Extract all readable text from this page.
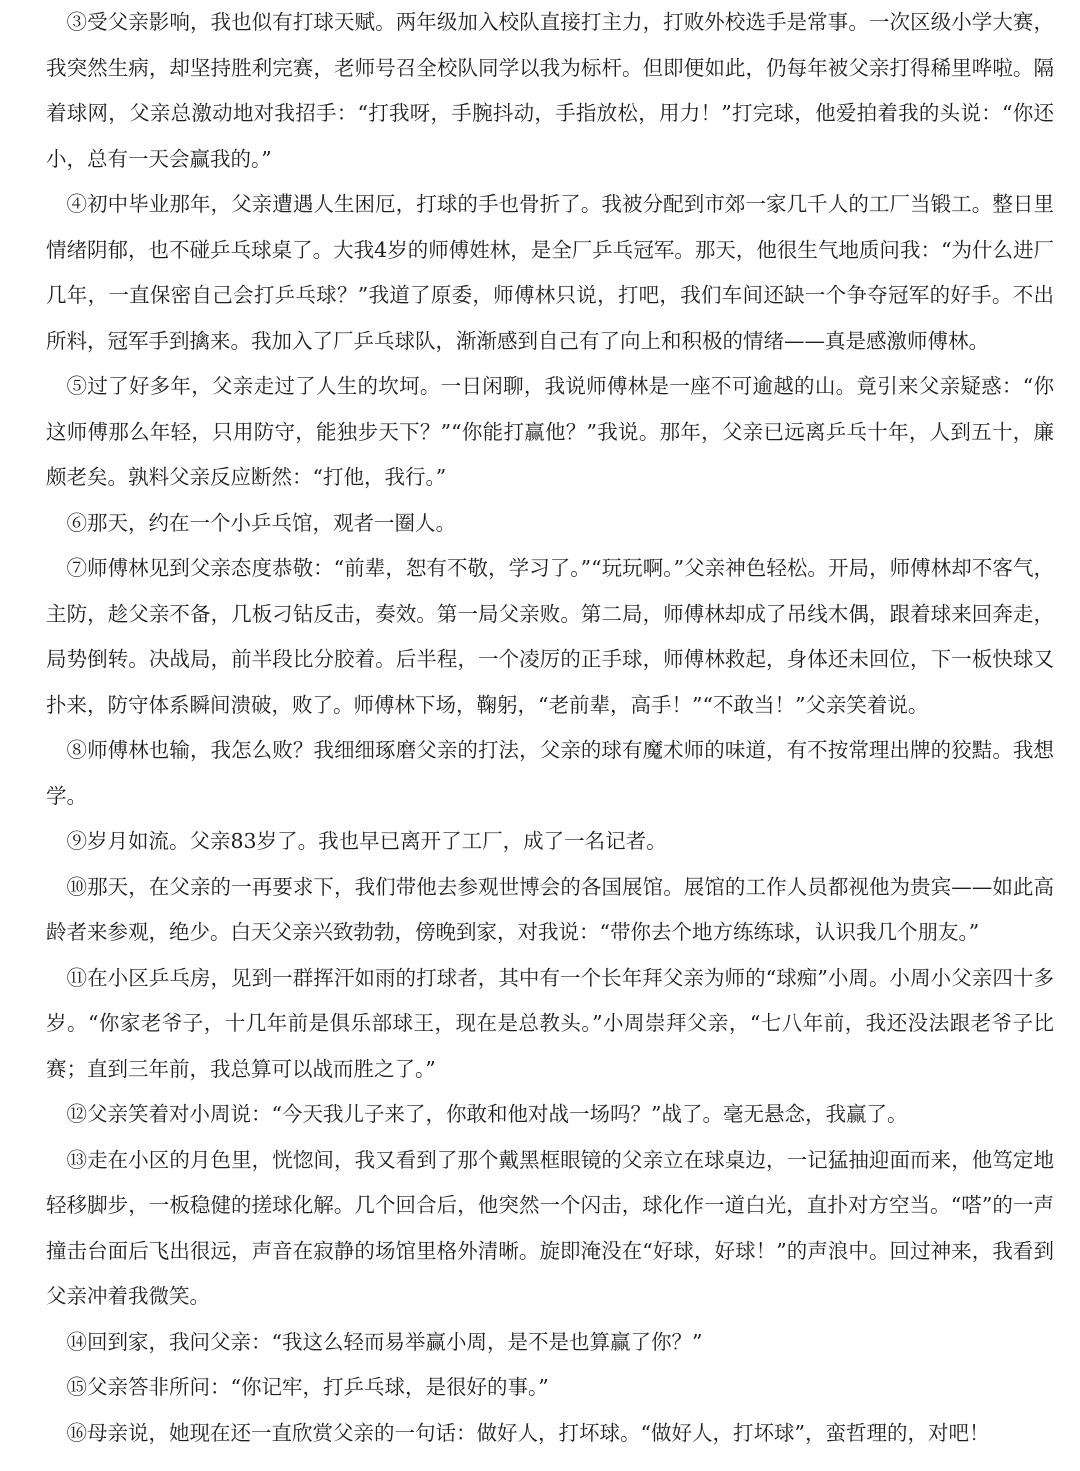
③受父亲影响，我也似有打球天赋。两年级加入校队直接打主力，打败外校选手是常事。一次区级小学大赛，我突然生病，却坚持胜利完赛，老师号召全校队同学以我为标杆。但即便如此，仍每年被父亲打得稀里哗啦。隔着球网，父亲总激动地对我招手：“打我呀，手腕抖动，手指放松，用力！”打完球，他爱拍着我的头说：“你还小，总有一天会赢我的。”

④初中毕业那年，父亲遭遇人生困厄，打球的手也骨折了。我被分配到市郊一家几千人的工厂当锻工。整日里情绪阴郁，也不碰乒乓球桌了。大我4岁的师傅姓林，是全厂乒乓冠军。那天，他很生气地质问我：“为什么进厂几年，一直保密自己会打乒乓球？”我道了原委，师傅林只说，打吧，我们车间还缺一个争夺冠军的好手。不出所料，冠军手到擒来。我加入了厂乒乓球队，渐渐感到自己有了向上和积极的情绪——真是感激师傅林。

⑤过了好多年，父亲走过了人生的坎坷。一日闲聊，我说师傅林是一座不可逾越的山。竟引来父亲疑惑：“你这师傅那么年轻，只用防守，能独步天下？”“你能打赢他？”我说。那年，父亲已远离乒乓十年，人到五十，廉颇老矣。孰料父亲反应断然：“打他，我行。”

⑥那天，约在一个小乒乓馆，观者一圈人。

⑦师傅林见到父亲态度恭敬：“前辈，恕有不敬，学习了。”“玩玩啊。”父亲神色轻松。开局，师傅林却不客气，主防，趁父亲不备，几板刁钻反击，奏效。第一局父亲败。第二局，师傅林却成了吊线木偶，跟着球来回奔走，局势倒转。决战局，前半段比分胶着。后半程，一个凌厉的正手球，师傅林救起，身体还未回位，下一板快球又扑来，防守体系瞬间溃破，败了。师傅林下场，鞠躬，“老前辈，高手！”“不敢当！”父亲笑着说。

⑧师傅林也输，我怎么败？我细细琢磨父亲的打法，父亲的球有魔术师的味道，有不按常理出牌的狡黠。我想学。

⑨岁月如流。父亲83岁了。我也早已离开了工厂，成了一名记者。

⑩那天，在父亲的一再要求下，我们带他去参观世博会的各国展馆。展馆的工作人员都视他为贵宾——如此高龄者来参观，绝少。白天父亲兴致勃勃，傍晚到家，对我说：“带你去个地方练练球，认识我几个朋友。”

⑪在小区乒乓房，见到一群挥汗如雨的打球者，其中有一个长年拜父亲为师的“球痴”小周。小周小父亲四十多岁。“你家老爷子，十几年前是俱乐部球王，现在是总教头。”小周崇拜父亲，“七八年前，我还没法跟老爷子比赛；直到三年前，我总算可以战而胜之了。”

⑫父亲笑着对小周说：“今天我儿子来了，你敢和他对战一场吗？”战了。毫无悬念，我赢了。

⑬走在小区的月色里，恍惚间，我又看到了那个戴黑框眼镜的父亲立在球桌边，一记猛抽迎面而来，他笃定地轻移脚步，一板稳健的搓球化解。几个回合后，他突然一个闪击，球化作一道白光，直扑对方空当。“嗒”的一声撞击台面后飞出很远，声音在寂静的场馆里格外清晰。旋即淹没在“好球，好球！”的声浪中。回过神来，我看到父亲冲着我微笑。

⑭回到家，我问父亲：“我这么轻而易举赢小周，是不是也算赢了你？”

⑮父亲答非所问：“你记牢，打乒乓球，是很好的事。”

⑯母亲说，她现在还一直欣赏父亲的一句话：做好人，打坏球。“做好人，打坏球”，蛮哲理的，对吧！
